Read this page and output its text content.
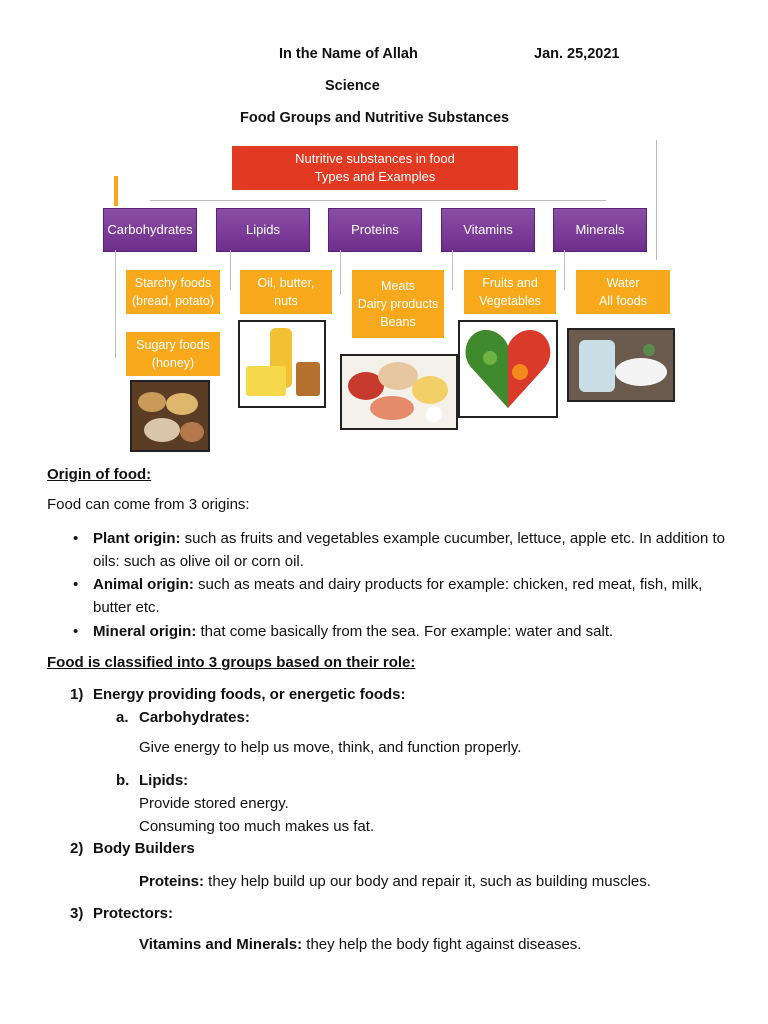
In the Name of Allah	Jan. 25,2021
Science
Food Groups and Nutritive Substances
Nutritive substances in food
Types and Examples
Carbohydrates	Lipids	Proteins	Vitamins	Minerals
Starchy foods
(bread, potato)
Sugary foods
(honey)
Oil, butter,
nuts
Meats
Dairy products
Beans
Fruits and
Vegetables
Water
All foods
Origin of food:
Food can come from 3 origins:
• Plant origin: such as fruits and vegetables example cucumber, lettuce, apple etc. In addition to oils: such as olive oil or corn oil.
• Animal origin: such as meats and dairy products for example: chicken, red meat, fish, milk, butter etc.
• Mineral origin: that come basically from the sea. For example: water and salt.
Food is classified into 3 groups based on their role:
1) Energy providing foods, or energetic foods:
a. Carbohydrates:
Give energy to help us move, think, and function properly.
b. Lipids:
Provide stored energy.
Consuming too much makes us fat.
2) Body Builders
Proteins: they help build up our body and repair it, such as building muscles.
3) Protectors:
Vitamins and Minerals: they help the body fight against diseases.
